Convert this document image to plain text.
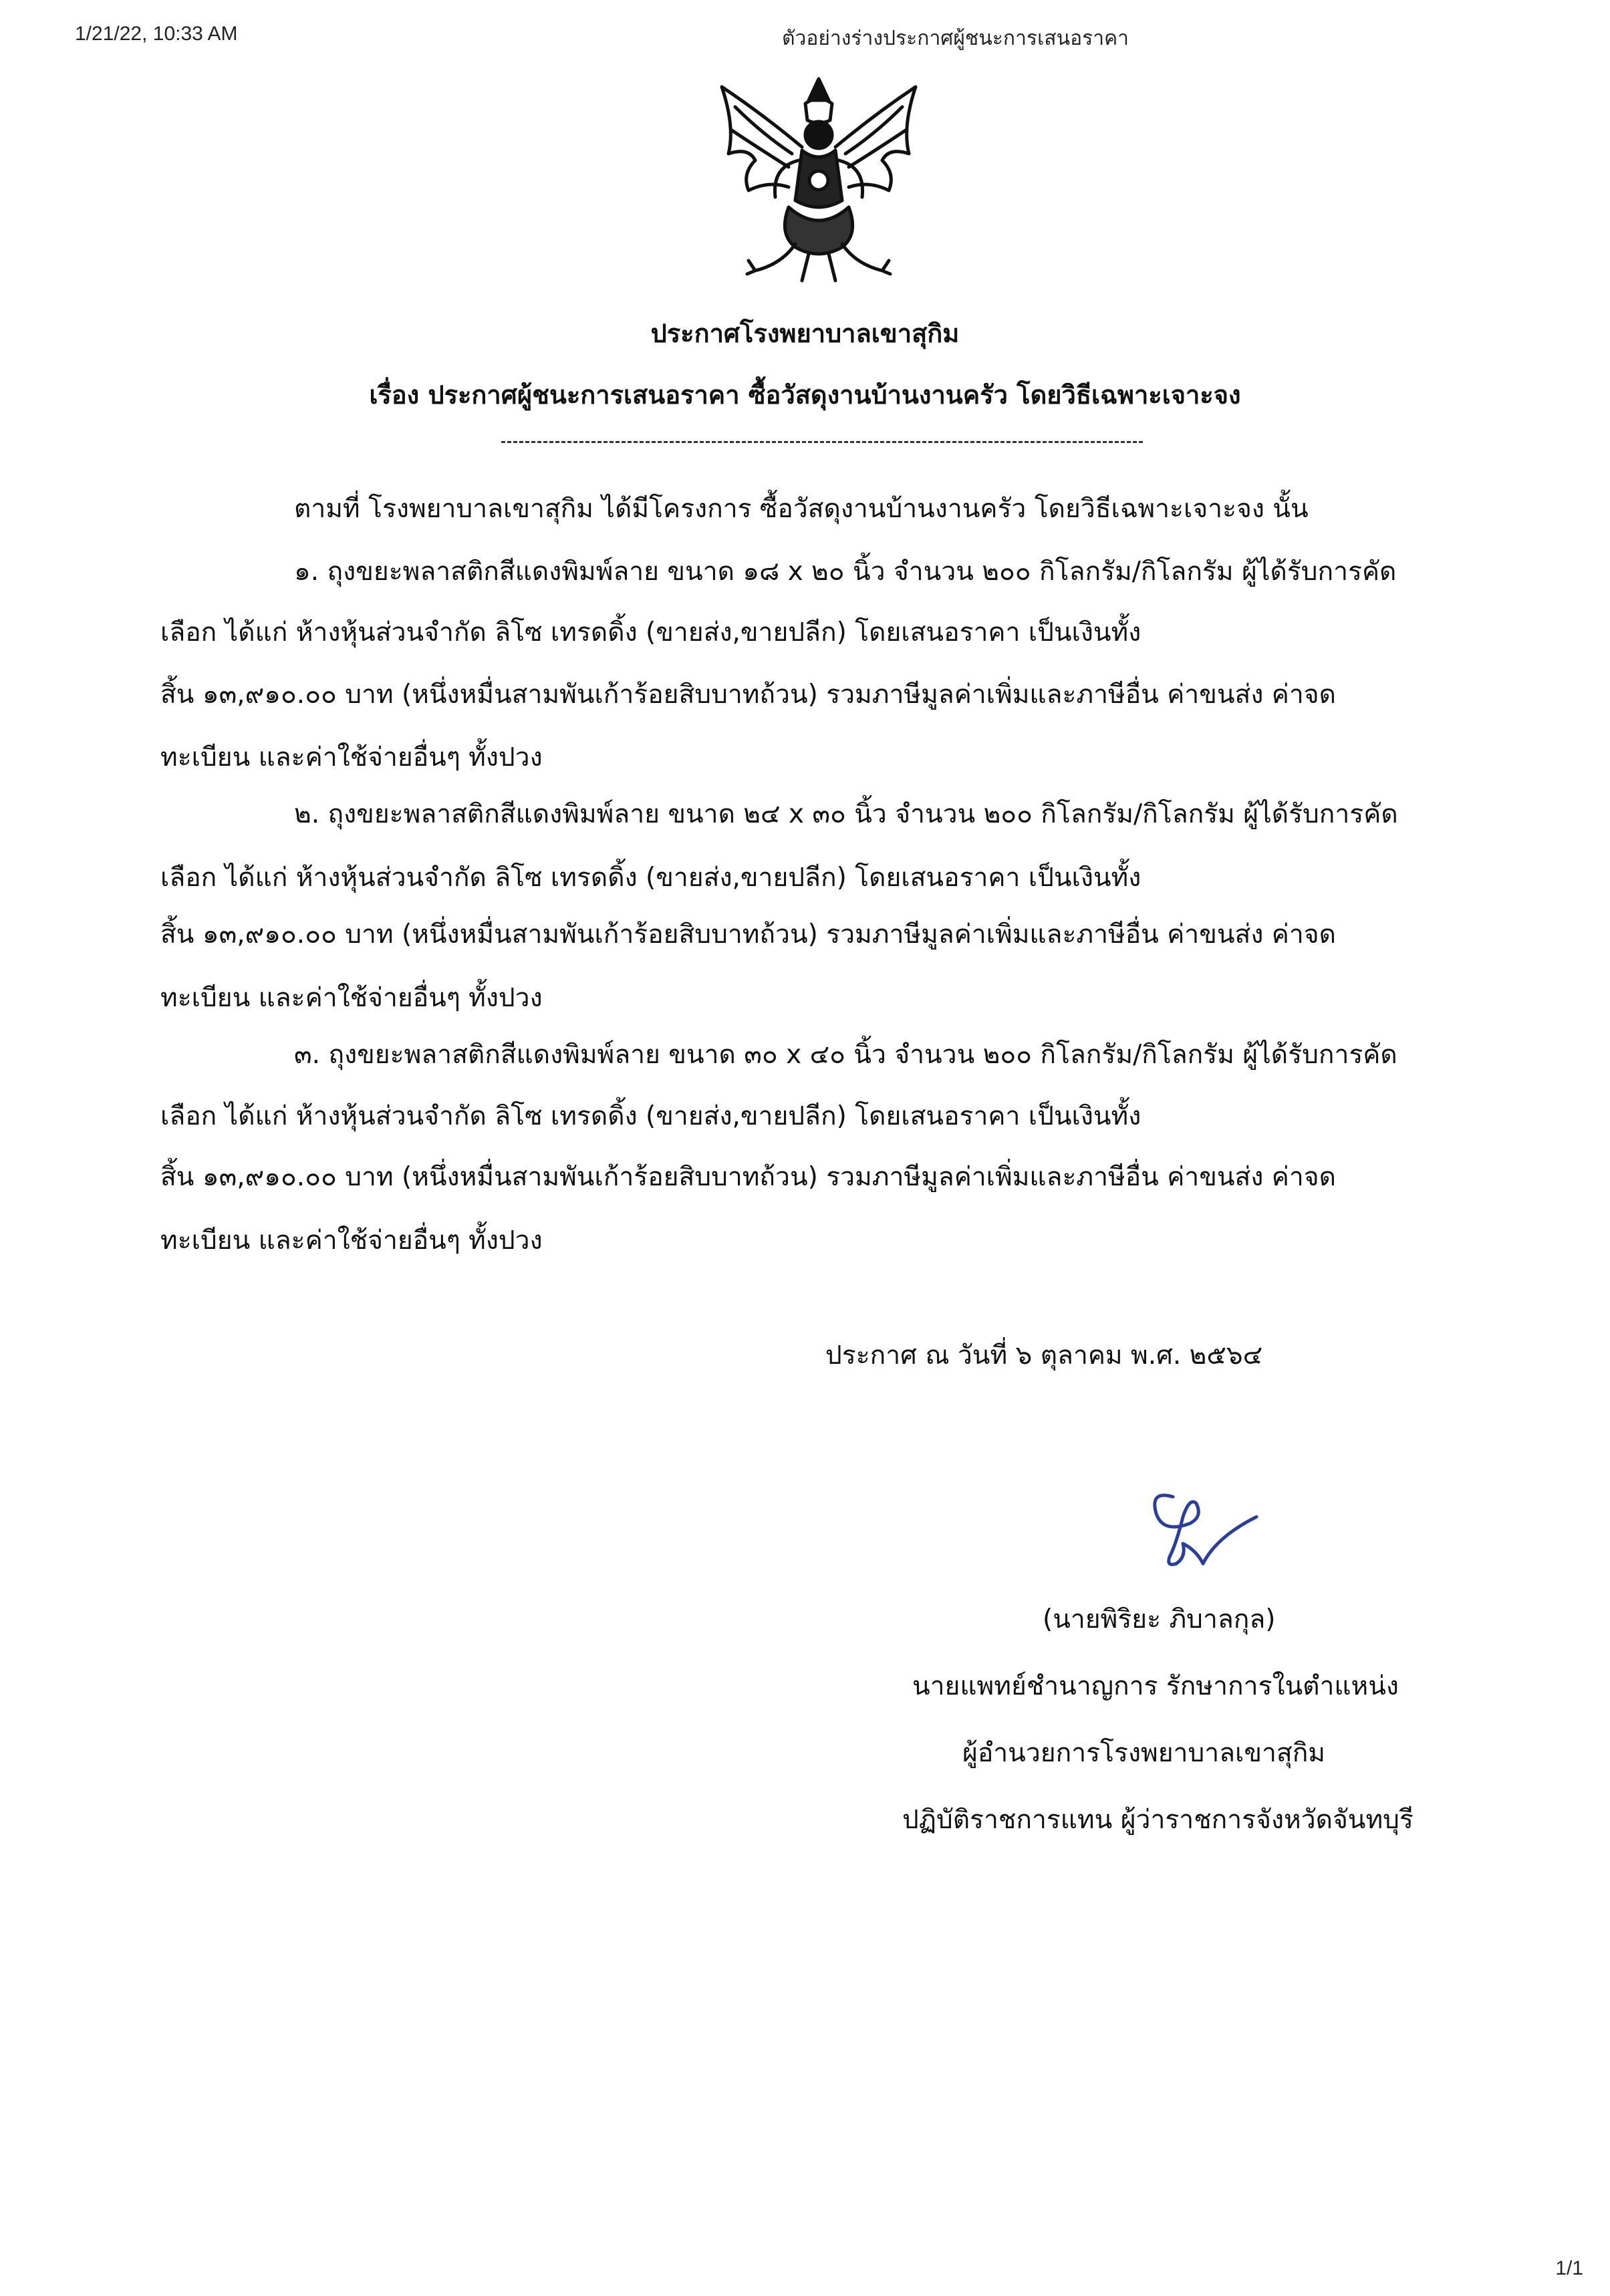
1/21/22, 10:33 AM	ตัวอย่างร่างประกาศผู้ชนะการเสนอราคา
ประกาศโรงพยาบาลเขาสุกิม
เรื่อง ประกาศผู้ชนะการเสนอราคา ซื้อวัสดุงานบ้านงานครัว โดยวิธีเฉพาะเจาะจง
ตามที่ โรงพยาบาลเขาสุกิม ได้มีโครงการ ซื้อวัสดุงานบ้านงานครัว โดยวิธีเฉพาะเจาะจง นั้น
๑. ถุงขยะพลาสติกสีแดงพิมพ์ลาย ขนาด ๑๘ x ๒๐ นิ้ว จำนวน ๒๐๐ กิโลกรัม/กิโลกรัม ผู้ได้รับการคัด
เลือก ได้แก่ ห้างหุ้นส่วนจำกัด ลิโซ เทรดดิ้ง (ขายส่ง,ขายปลีก) โดยเสนอราคา เป็นเงินทั้ง
สิ้น ๑๓,๙๑๐.๐๐ บาท (หนึ่งหมื่นสามพันเก้าร้อยสิบบาทถ้วน) รวมภาษีมูลค่าเพิ่มและภาษีอื่น ค่าขนส่ง ค่าจด
ทะเบียน และค่าใช้จ่ายอื่นๆ ทั้งปวง
๒. ถุงขยะพลาสติกสีแดงพิมพ์ลาย ขนาด ๒๔ x ๓๐ นิ้ว จำนวน ๒๐๐ กิโลกรัม/กิโลกรัม ผู้ได้รับการคัด
เลือก ได้แก่ ห้างหุ้นส่วนจำกัด ลิโซ เทรดดิ้ง (ขายส่ง,ขายปลีก) โดยเสนอราคา เป็นเงินทั้ง
สิ้น ๑๓,๙๑๐.๐๐ บาท (หนึ่งหมื่นสามพันเก้าร้อยสิบบาทถ้วน) รวมภาษีมูลค่าเพิ่มและภาษีอื่น ค่าขนส่ง ค่าจด
ทะเบียน และค่าใช้จ่ายอื่นๆ ทั้งปวง
๓. ถุงขยะพลาสติกสีแดงพิมพ์ลาย ขนาด ๓๐ x ๔๐ นิ้ว จำนวน ๒๐๐ กิโลกรัม/กิโลกรัม ผู้ได้รับการคัด
เลือก ได้แก่ ห้างหุ้นส่วนจำกัด ลิโซ เทรดดิ้ง (ขายส่ง,ขายปลีก) โดยเสนอราคา เป็นเงินทั้ง
สิ้น ๑๓,๙๑๐.๐๐ บาท (หนึ่งหมื่นสามพันเก้าร้อยสิบบาทถ้วน) รวมภาษีมูลค่าเพิ่มและภาษีอื่น ค่าขนส่ง ค่าจด
ทะเบียน และค่าใช้จ่ายอื่นๆ ทั้งปวง
ประกาศ ณ วันที่ ๖ ตุลาคม พ.ศ. ๒๕๖๔
(นายพิริยะ ภิบาลกุล)
นายแพทย์ชำนาญการ รักษาการในตำแหน่ง
ผู้อำนวยการโรงพยาบาลเขาสุกิม
ปฏิบัติราชการแทน ผู้ว่าราชการจังหวัดจันทบุรี
1/1
